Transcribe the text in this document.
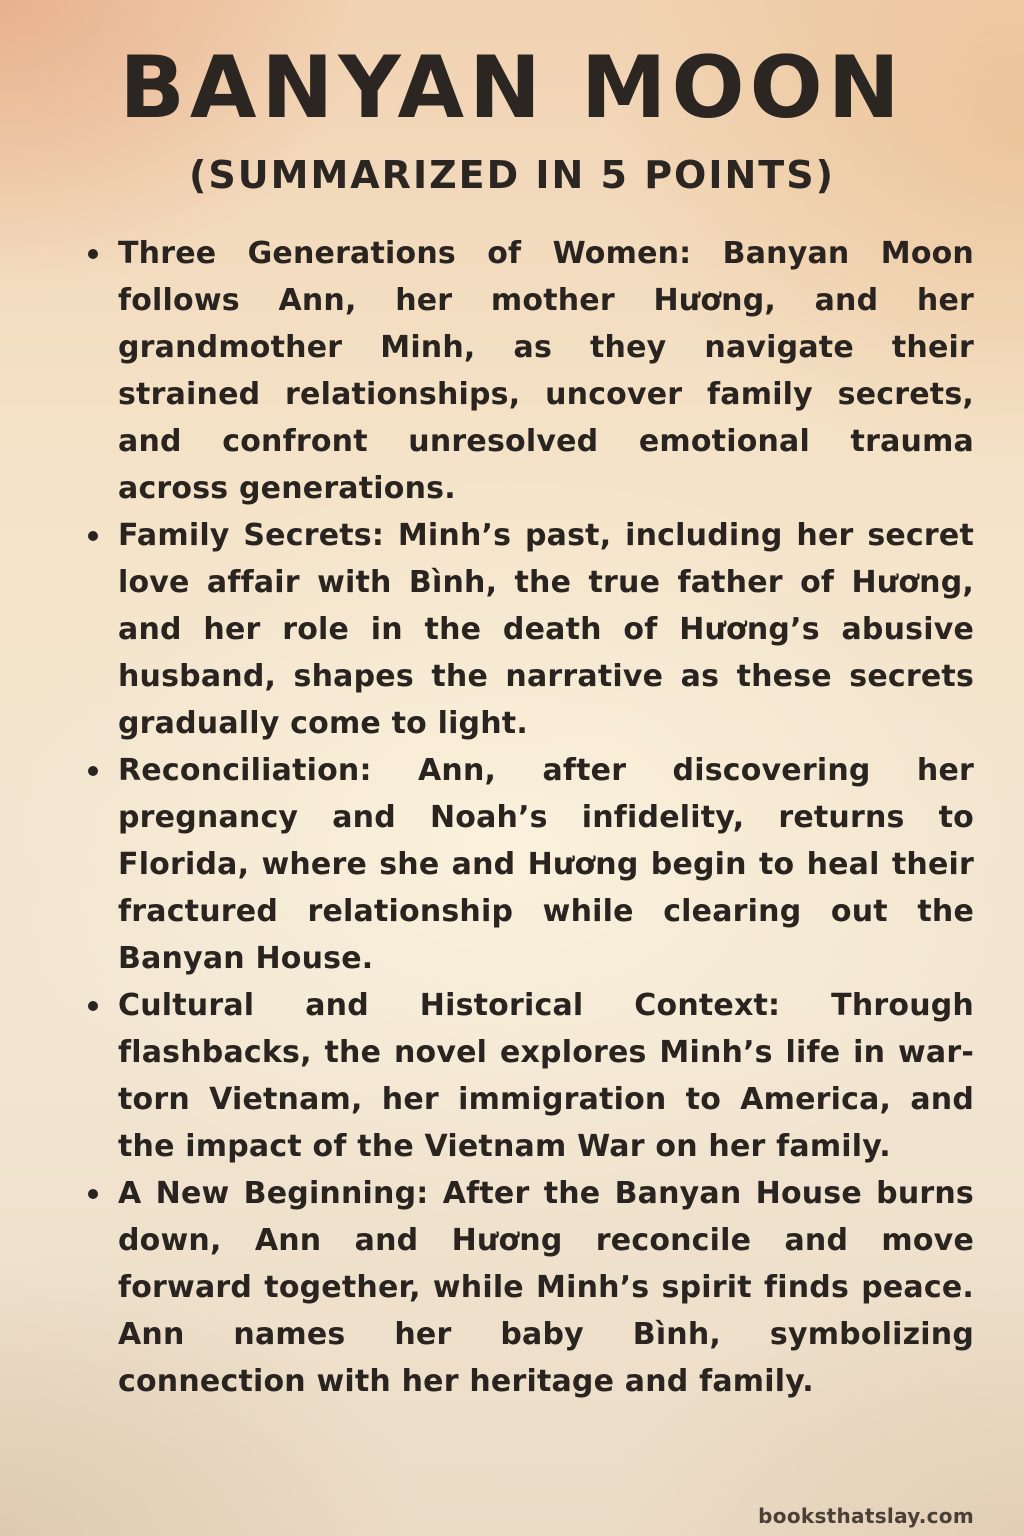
BANYAN MOON
(SUMMARIZED IN 5 POINTS)
Three Generations of Women: Banyan Moon follows Ann, her mother Hương, and her grandmother Minh, as they navigate their strained relationships, uncover family secrets, and confront unresolved emotional trauma across generations.
Family Secrets: Minh’s past, including her secret love affair with Bình, the true father of Hương, and her role in the death of Hương’s abusive husband, shapes the narrative as these secrets gradually come to light.
Reconciliation: Ann, after discovering her pregnancy and Noah’s infidelity, returns to Florida, where she and Hương begin to heal their fractured relationship while clearing out the Banyan House.
Cultural and Historical Context: Through flashbacks, the novel explores Minh’s life in war-torn Vietnam, her immigration to America, and the impact of the Vietnam War on her family.
A New Beginning: After the Banyan House burns down, Ann and Hương reconcile and move forward together, while Minh’s spirit finds peace. Ann names her baby Bình, symbolizing connection with her heritage and family.
booksthatslay.com
